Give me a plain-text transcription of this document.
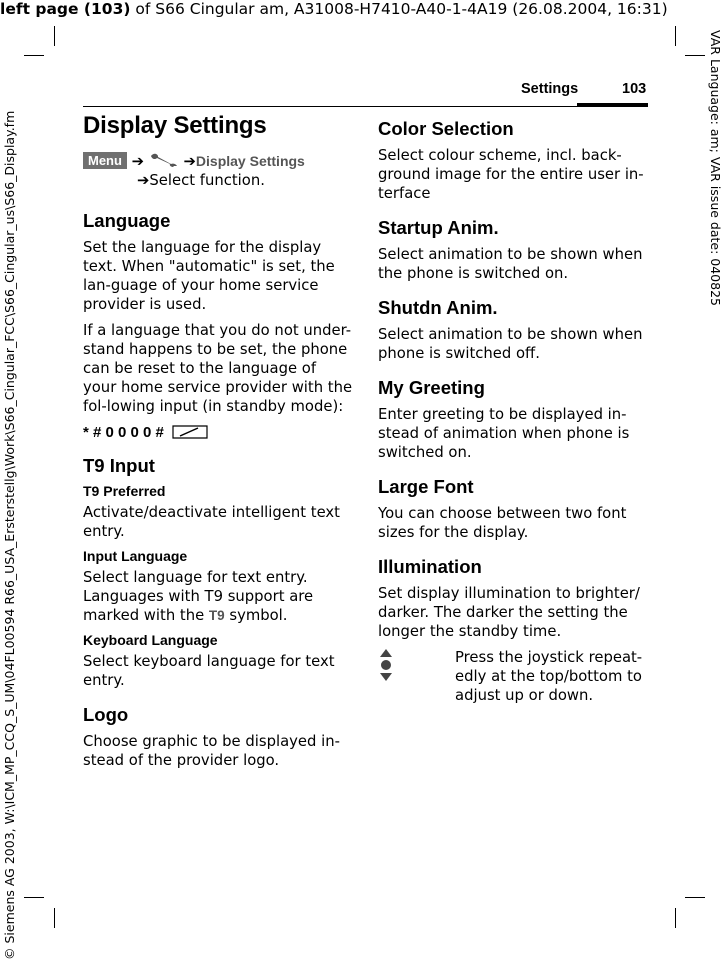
left page (103) of S66 Cingular am, A31008-H7410-A40-1-4A19 (26.08.2004, 16:31)
© Siemens AG 2003, W:\ICM_MP_CCQ_S_UM\04FL00594 R66_USA_Ersterstellg\Work\S66_Cingular_FCC\S66_Cingular_us\S66_Display.fm	VAR Language: am; VAR issue date: 040825
Settings	103
Display Settings
Menu ➔	➔Display Settings
➔Select function.
Language

Set the language for the display text. When "automatic" is set, the lan-guage of your home service provider is used.

If a language that you do not under-stand happens to be set, the phone can be reset to the language of your home service provider with the fol-lowing input (in standby mode):

* # 0 0 0 0 #
T9 Input
T9 Preferred

Activate/deactivate intelligent text entry.

Input Language

Select language for text entry. Languages with T9 support are marked with the T9 symbol.

Keyboard Language

Select keyboard language for text entry.

Logo

Choose graphic to be displayed in-stead of the provider logo.

Color Selection

Select colour scheme, incl. back-ground image for the entire user in-terface

Startup Anim.

Select animation to be shown when the phone is switched on.

Shutdn Anim.

Select animation to be shown when phone is switched off.

My Greeting

Enter greeting to be displayed in-stead of animation when phone is switched on.

Large Font

You can choose between two font sizes for the display.

Illumination

Set display illumination to brighter/ darker. The darker the setting the longer the standby time.

Press the joystick repeat-edly at the top/bottom to adjust up or down.
